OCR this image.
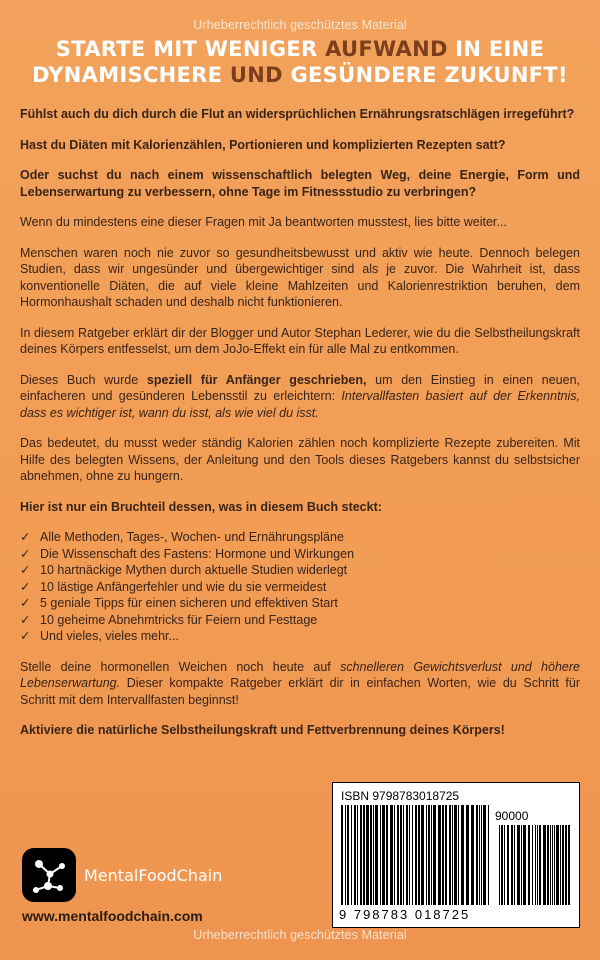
Urheberrechtlich geschütztes Material
STARTE MIT WENIGER AUFWAND IN EINE
DYNAMISCHERE UND GESÜNDERE ZUKUNFT!

Fühlst auch du dich durch die Flut an widersprüchlichen Ernährungsratschlägen irregeführt?

Hast du Diäten mit Kalorienzählen, Portionieren und komplizierten Rezepten satt?

Oder suchst du nach einem wissenschaftlich belegten Weg, deine Energie, Form und Lebenserwartung zu verbessern, ohne Tage im Fitnessstudio zu verbringen?

Wenn du mindestens eine dieser Fragen mit Ja beantworten musstest, lies bitte weiter...

Menschen waren noch nie zuvor so gesundheitsbewusst und aktiv wie heute. Dennoch belegen Studien, dass wir ungesünder und übergewichtiger sind als je zuvor. Die Wahrheit ist, dass konventionelle Diäten, die auf viele kleine Mahlzeiten und Kalorienrestriktion beruhen, dem Hormonhaushalt schaden und deshalb nicht funktionieren.

In diesem Ratgeber erklärt dir der Blogger und Autor Stephan Lederer, wie du die Selbstheilungskraft deines Körpers entfesselst, um dem JoJo-Effekt ein für alle Mal zu entkommen.

Dieses Buch wurde speziell für Anfänger geschrieben, um den Einstieg in einen neuen, einfacheren und gesünderen Lebensstil zu erleichtern: Intervallfasten basiert auf der Erkenntnis, dass es wichtiger ist, wann du isst, als wie viel du isst.

Das bedeutet, du musst weder ständig Kalorien zählen noch komplizierte Rezepte zubereiten. Mit Hilfe des belegten Wissens, der Anleitung und den Tools dieses Ratgebers kannst du selbstsicher abnehmen, ohne zu hungern.

Hier ist nur ein Bruchteil dessen, was in diesem Buch steckt:

✓ Alle Methoden, Tages-, Wochen- und Ernährungspläne
✓ Die Wissenschaft des Fastens: Hormone und Wirkungen
✓ 10 hartnäckige Mythen durch aktuelle Studien widerlegt
✓ 10 lästige Anfängerfehler und wie du sie vermeidest
✓ 5 geniale Tipps für einen sicheren und effektiven Start
✓ 10 geheime Abnehmtricks für Feiern und Festtage
✓ Und vieles, vieles mehr...

Stelle deine hormonellen Weichen noch heute auf schnelleren Gewichtsverlust und höhere Lebenserwartung. Dieser kompakte Ratgeber erklärt dir in einfachen Worten, wie du Schritt für Schritt mit dem Intervallfasten beginnst!

Aktiviere die natürliche Selbstheilungskraft und Fettverbrennung deines Körpers!

MentalFoodChain
www.mentalfoodchain.com
ISBN 9798783018725
90000
9 798783 018725
Urheberrechtlich geschütztes Material
